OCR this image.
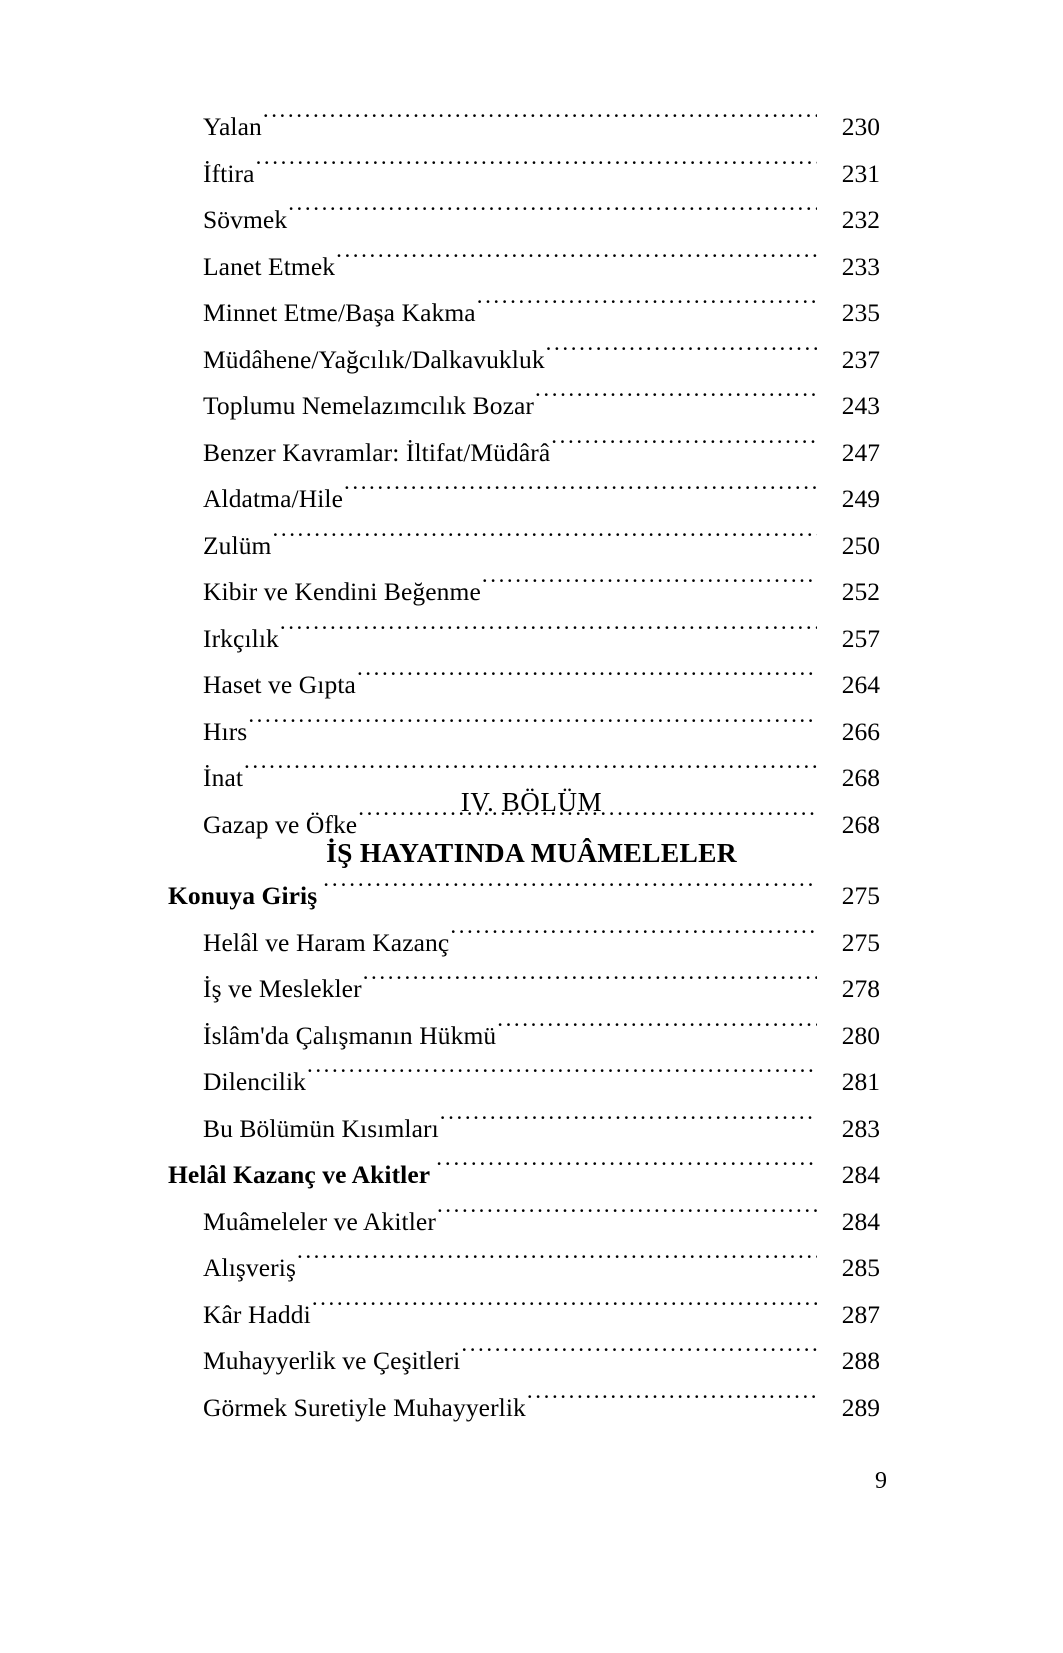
Yalan .....	230
İftira .....	231
Sövmek .....	232
Lanet Etmek .....	233
Minnet Etme/Başa Kakma .....	235
Müdâhene/Yağcılık/Dalkavukluk .....	237
Toplumu Nemelazımcılık Bozar .....	243
Benzer Kavramlar: İltifat/Müdârâ .....	247
Aldatma/Hile .....	249
Zulüm .....	250
Kibir ve Kendini Beğenme .....	252
Irkçılık .....	257
Haset ve Gıpta .....	264
Hırs .....	266
İnat .....	268
Gazap ve Öfke .....	268
IV. BÖLÜM
İŞ HAYATINDA MUÂMELELER
Konuya Giriş .....	275
Helâl ve Haram Kazanç .....	275
İş ve Meslekler .....	278
İslâm'da Çalışmanın Hükmü .....	280
Dilencilik .....	281
Bu Bölümün Kısımları .....	283
Helâl Kazanç ve Akitler .....	284
Muâmeleler ve Akitler .....	284
Alışveriş .....	285
Kâr Haddi .....	287
Muhayyerlik ve Çeşitleri .....	288
Görmek Suretiyle Muhayyerlik .....	289
9
